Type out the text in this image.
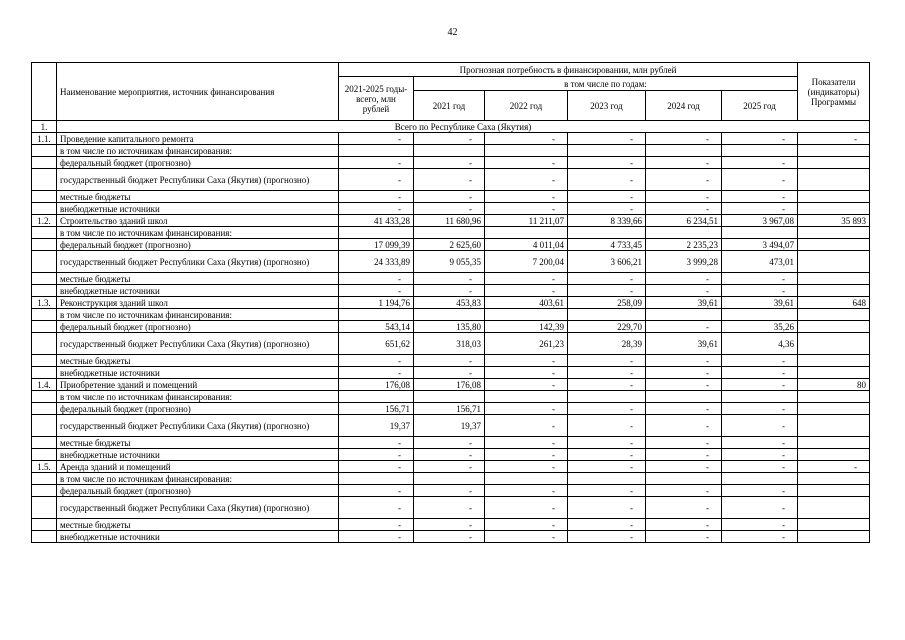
42
	Наименование мероприятия, источник финансирования	Прогнозная потребность в финансировании, млн рублей						Показатели (индикаторы) Программы
		2021-2025 годы- всего, млн рублей	в том числе по годам:					
			2021 год	2022 год	2023 год	2024 год	2025 год	
1.	Всего по Республике Саха (Якутия)							
1.1.	Проведение капитального ремонта	-	-	-	-	-	-	-
	в том числе по источникам финансирования:							
	федеральный бюджет (прогнозно)	-	-	-	-	-	-	
	государственный бюджет Республики Саха (Якутия) (прогнозно)	-	-	-	-	-	-	
	местные бюджеты	-	-	-	-	-	-	
	внебюджетные источники	-	-	-	-	-	-	
1.2.	Строительство зданий школ	41 433,28	11 680,96	11 211,07	8 339,66	6 234,51	3 967,08	35 893
	в том числе по источникам финансирования:							
	федеральный бюджет (прогнозно)	17 099,39	2 625,60	4 011,04	4 733,45	2 235,23	3 494,07	
	государственный бюджет Республики Саха (Якутия) (прогнозно)	24 333,89	9 055,35	7 200,04	3 606,21	3 999,28	473,01	
	местные бюджеты	-	-	-	-	-	-	
	внебюджетные источники	-	-	-	-	-	-	
1.3.	Реконструкция зданий школ	1 194,76	453,83	403,61	258,09	39,61	39,61	648
	в том числе по источникам финансирования:							
	федеральный бюджет (прогнозно)	543,14	135,80	142,39	229,70	-	35,26	
	государственный бюджет Республики Саха (Якутия) (прогнозно)	651,62	318,03	261,23	28,39	39,61	4,36	
	местные бюджеты	-	-	-	-	-	-	
	внебюджетные источники	-	-	-	-	-	-	
1.4.	Приобретение зданий и помещений	176,08	176,08	-	-	-	-	80
	в том числе по источникам финансирования:							
	федеральный бюджет (прогнозно)	156,71	156,71	-	-	-	-	
	государственный бюджет Республики Саха (Якутия) (прогнозно)	19,37	19,37	-	-	-	-	
	местные бюджеты	-	-	-	-	-	-	
	внебюджетные источники	-	-	-	-	-	-	
1.5.	Аренда зданий и помещений	-	-	-	-	-	-	-
	в том числе по источникам финансирования:							
	федеральный бюджет (прогнозно)	-	-	-	-	-	-	
	государственный бюджет Республики Саха (Якутия) (прогнозно)	-	-	-	-	-	-	
	местные бюджеты	-	-	-	-	-	-	
	внебюджетные источники	-	-	-	-	-	-	
